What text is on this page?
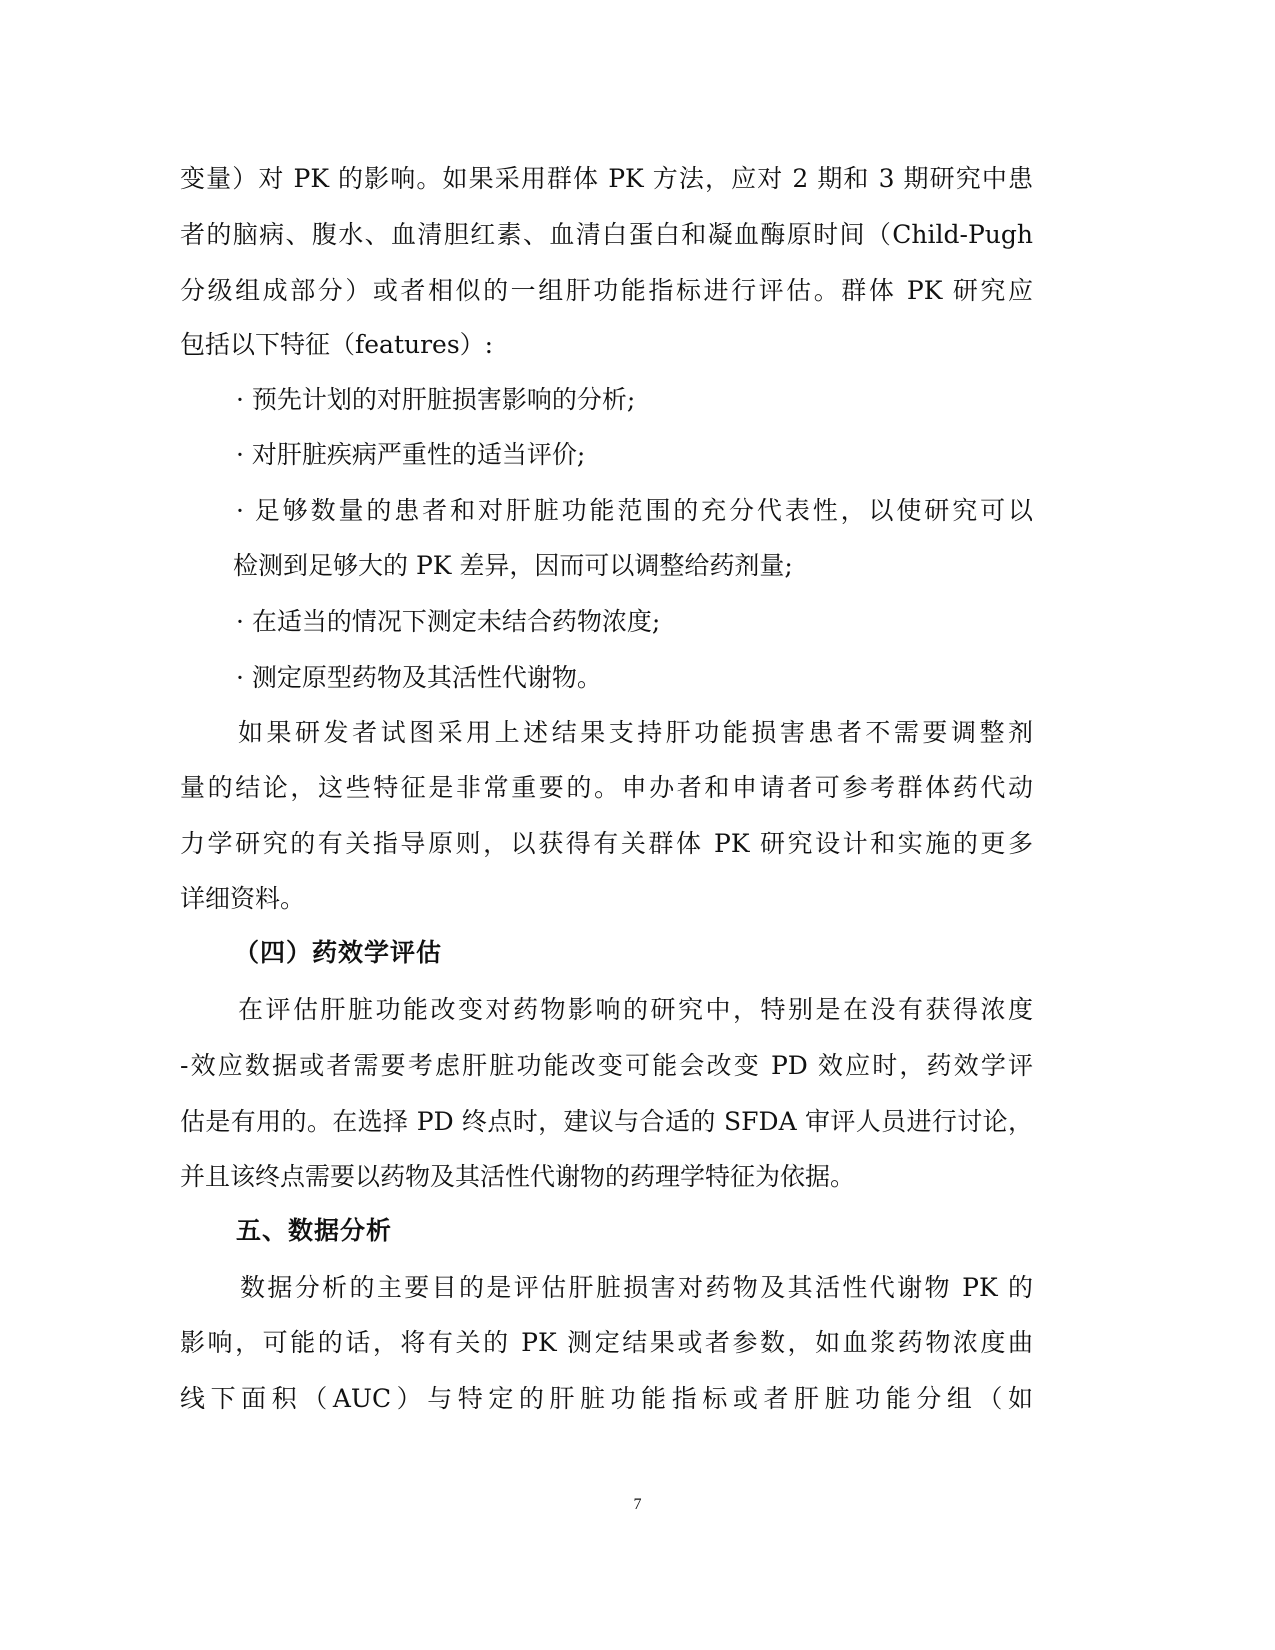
变量）对 PK 的影响。如果采用群体 PK 方法，应对 2 期和 3 期研究中患
者的脑病、腹水、血清胆红素、血清白蛋白和凝血酶原时间（Child-Pugh
分级组成部分）或者相似的一组肝功能指标进行评估。群体 PK 研究应
包括以下特征（features）:
· 预先计划的对肝脏损害影响的分析;
· 对肝脏疾病严重性的适当评价;
· 足够数量的患者和对肝脏功能范围的充分代表性，以使研究可以
检测到足够大的 PK 差异，因而可以调整给药剂量;
· 在适当的情况下测定未结合药物浓度;
· 测定原型药物及其活性代谢物。
如果研发者试图采用上述结果支持肝功能损害患者不需要调整剂
量的结论，这些特征是非常重要的。申办者和申请者可参考群体药代动
力学研究的有关指导原则，以获得有关群体 PK 研究设计和实施的更多
详细资料。
（四）药效学评估
在评估肝脏功能改变对药物影响的研究中，特别是在没有获得浓度
-效应数据或者需要考虑肝脏功能改变可能会改变 PD 效应时，药效学评
估是有用的。在选择 PD 终点时，建议与合适的 SFDA 审评人员进行讨论，
并且该终点需要以药物及其活性代谢物的药理学特征为依据。
五、数据分析
数据分析的主要目的是评估肝脏损害对药物及其活性代谢物 PK 的
影响，可能的话，将有关的 PK 测定结果或者参数，如血浆药物浓度曲
线下面积（AUC）与特定的肝脏功能指标或者肝脏功能分组（如
7
